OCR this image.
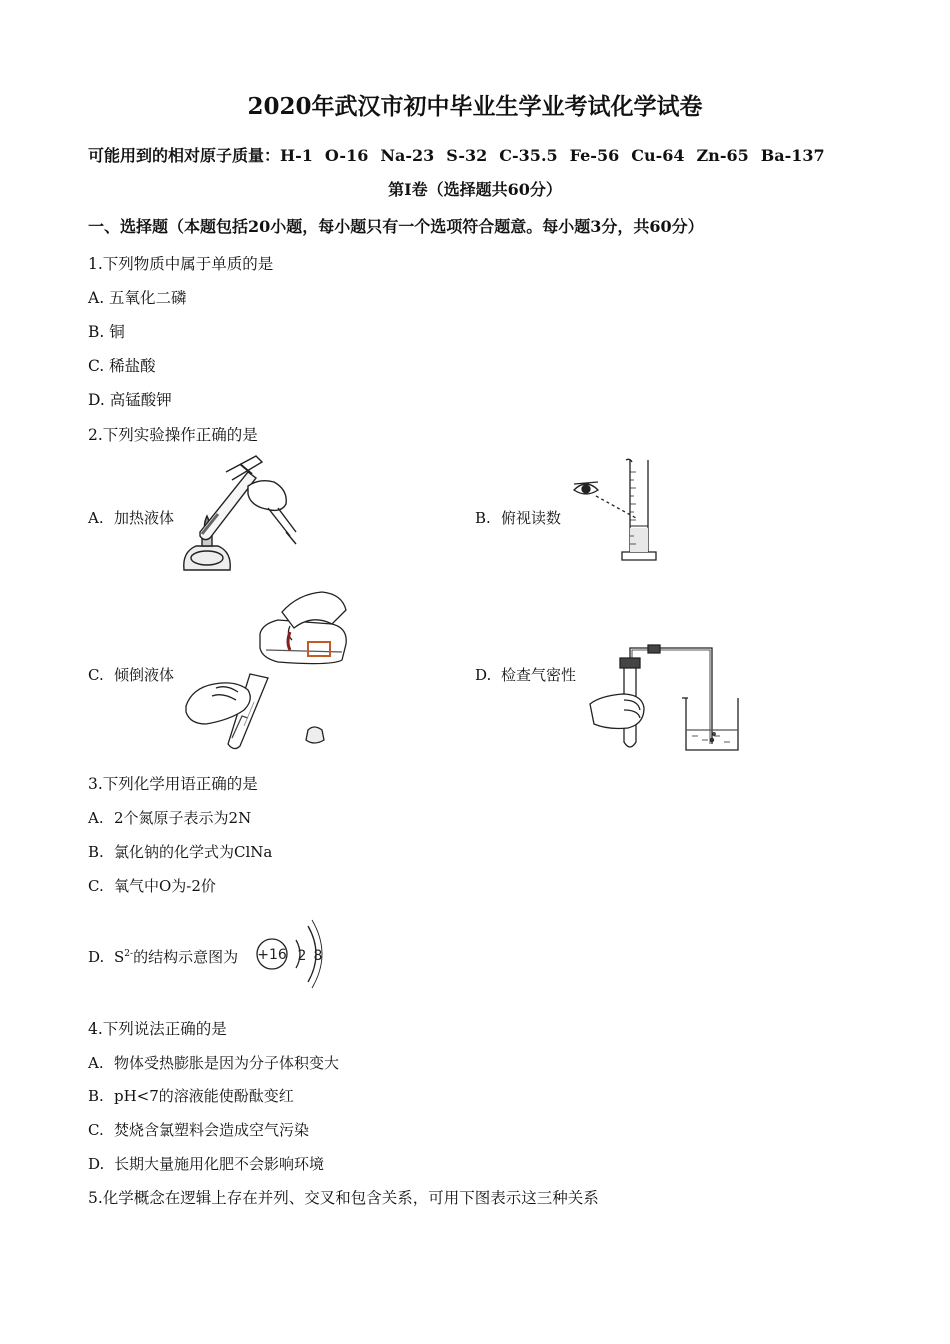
2020年武汉市初中毕业生学业考试化学试卷
可能用到的相对原子质量：H-1 O-16 Na-23 S-32 C-35.5 Fe-56 Cu-64 Zn-65 Ba-137
第I卷（选择题共60分）
一、选择题（本题包括20小题，每小题只有一个选项符合题意。每小题3分，共60分）
1.下列物质中属于单质的是
A. 五氧化二磷
B. 铜
C. 稀盐酸
D. 高锰酸钾
2.下列实验操作正确的是
A. 加热液体	B. 俯视读数
C. 倾倒液体	D. 检查气密性
3.下列化学用语正确的是
A. 2个氮原子表示为2N
B. 氯化钠的化学式为ClNa
C. 氧气中O为-2价
D. $S^{2-}$的结构示意图为 +16 2 8
4.下列说法正确的是
A. 物体受热膨胀是因为分子体积变大
B. pH<7的溶液能使酚酞变红
C. 焚烧含氯塑料会造成空气污染
D. 长期大量施用化肥不会影响环境
5.化学概念在逻辑上存在并列、交叉和包含关系，可用下图表示这三种关系
